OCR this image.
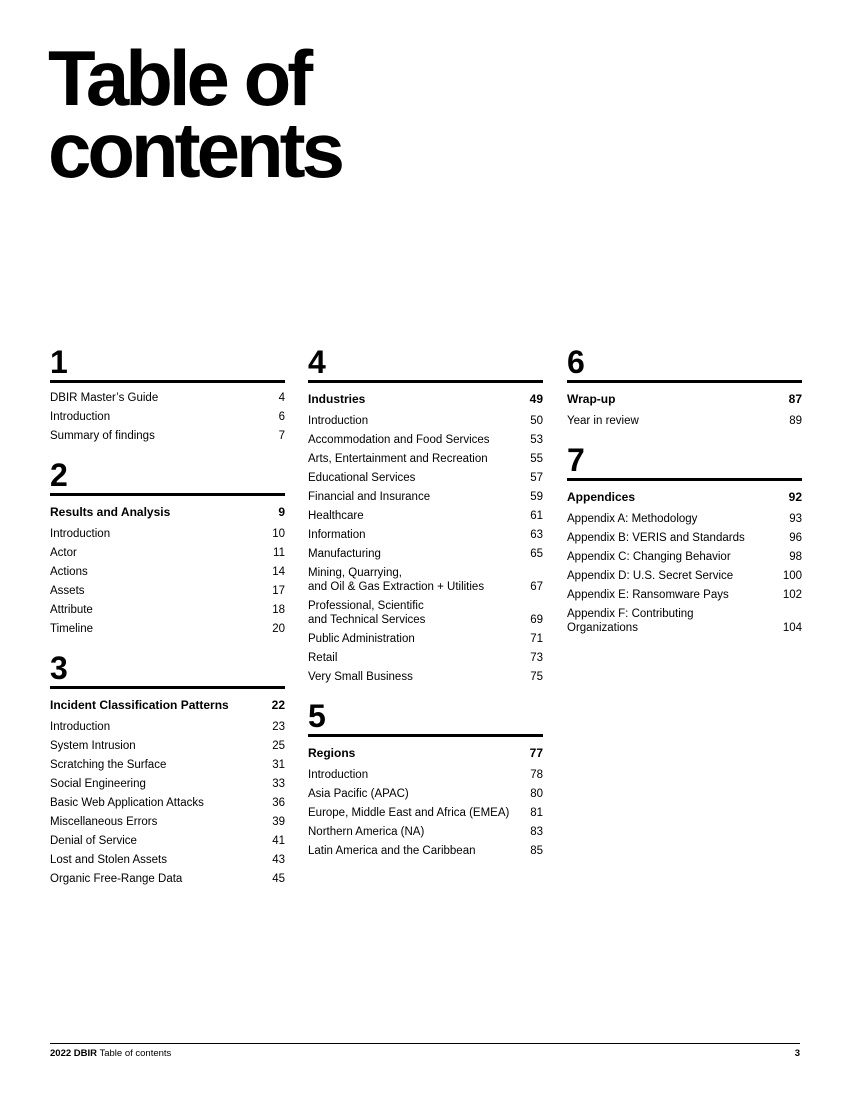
Table of
contents
1
DBIR Master’s Guide	4
Introduction	6
Summary of findings	7
2
Results and Analysis	9
Introduction	10
Actor	11
Actions	14
Assets	17
Attribute	18
Timeline	20
3
Incident Classification Patterns	22
Introduction	23
System Intrusion	25
Scratching the Surface	31
Social Engineering	33
Basic Web Application Attacks	36
Miscellaneous Errors	39
Denial of Service	41
Lost and Stolen Assets	43
Organic Free-Range Data	45
4
Industries	49
Introduction	50
Accommodation and Food Services	53
Arts, Entertainment and Recreation	55
Educational Services	57
Financial and Insurance	59
Healthcare	61
Information	63
Manufacturing	65
Mining, Quarrying,
and Oil & Gas Extraction + Utilities	67
Professional, Scientific
and Technical Services	69
Public Administration	71
Retail	73
Very Small Business	75
5
Regions	77
Introduction	78
Asia Pacific (APAC)	80
Europe, Middle East and Africa (EMEA) 81
Northern America (NA)	83
Latin America and the Caribbean	85
6
Wrap-up	87
Year in review	89
7
Appendices	92
Appendix A: Methodology	93
Appendix B: VERIS and Standards	96
Appendix C: Changing Behavior	98
Appendix D: U.S. Secret Service	100
Appendix E: Ransomware Pays	102
Appendix F: Contributing
Organizations	104
2022 DBIR Table of contents	3
